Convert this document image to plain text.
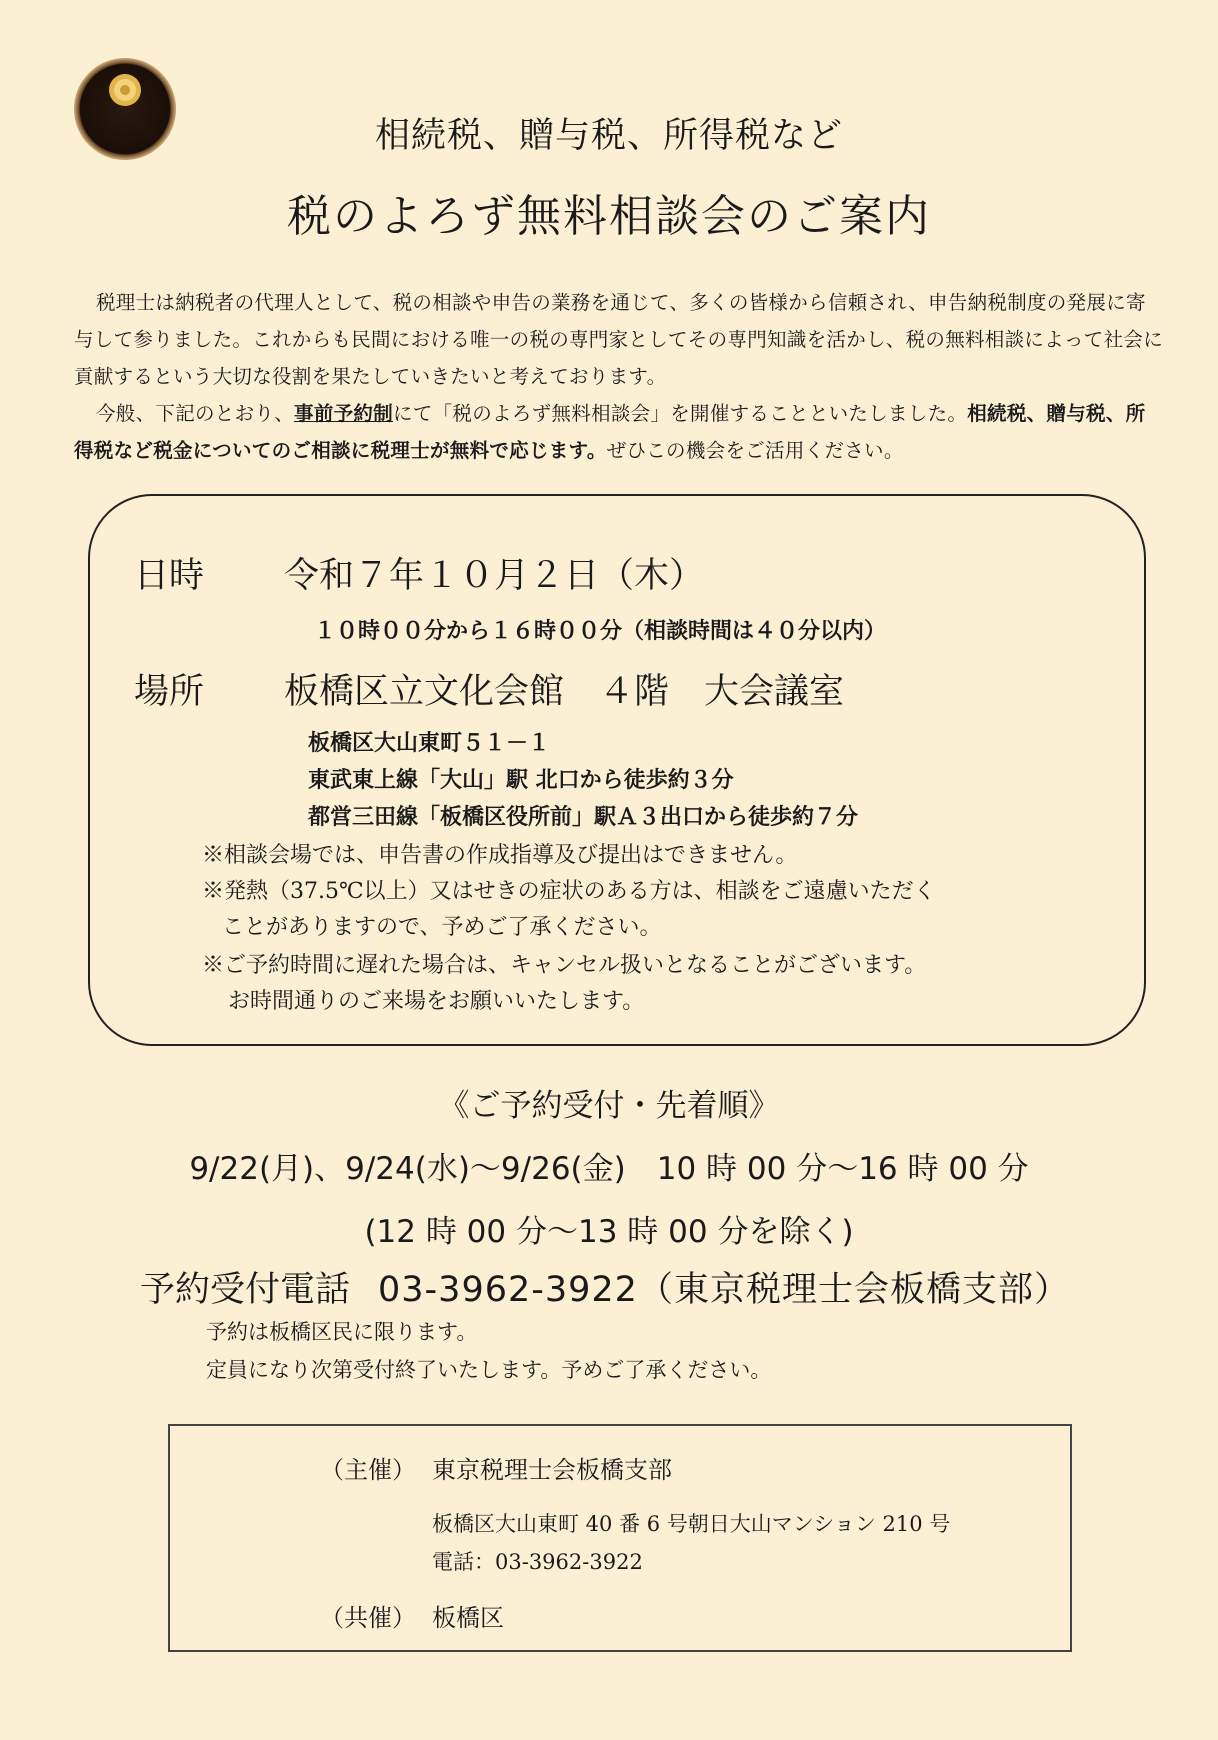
相続税、贈与税、所得税など
税のよろず無料相談会のご案内

税理士は納税者の代理人として、税の相談や申告の業務を通じて、多くの皆様から信頼され、申告納税制度の発展に寄与して参りました。これからも民間における唯一の税の専門家としてその専門知識を活かし、税の無料相談によって社会に貢献するという大切な役割を果たしていきたいと考えております。

今般、下記のとおり、事前予約制にて「税のよろず無料相談会」を開催することといたしました。相続税、贈与税、所得税など税金についてのご相談に税理士が無料で応じます。ぜひこの機会をご活用ください。

日時 令和７年１０月２日（木）
１０時００分から１６時００分（相談時間は４０分以内）
場所 板橋区立文化会館　４階　大会議室
板橋区大山東町５１－１
東武東上線「大山」駅 北口から徒歩約３分
都営三田線「板橋区役所前」駅Ａ３出口から徒歩約７分
※相談会場では、申告書の作成指導及び提出はできません。
※発熱（37.5℃以上）又はせきの症状のある方は、相談をご遠慮いただく
ことがありますので、予めご了承ください。
※ご予約時間に遅れた場合は、キャンセル扱いとなることがございます。
お時間通りのご来場をお願いいたします。
《ご予約受付・先着順》
9/22(月)、9/24(水)～9/26(金)　10 時 00 分～16 時 00 分
(12 時 00 分～13 時 00 分を除く)
予約受付電話 03-3962-3922（東京税理士会板橋支部）
予約は板橋区民に限ります。
定員になり次第受付終了いたします。予めご了承ください。
（主催） 東京税理士会板橋支部
板橋区大山東町 40 番 6 号朝日大山マンション 210 号
電話：03-3962-3922
（共催） 板橋区
